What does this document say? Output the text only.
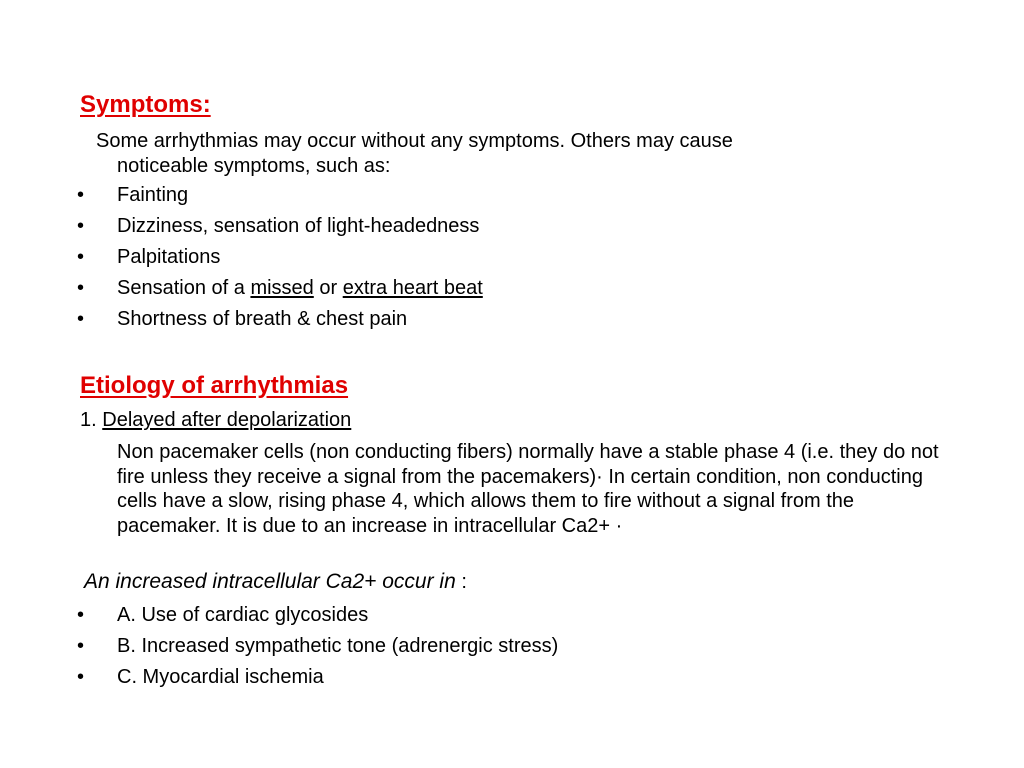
Symptoms:
Some arrhythmias may occur without any symptoms. Others may cause
noticeable symptoms, such as:
• Fainting
• Dizziness, sensation of light-headedness
• Palpitations
• Sensation of a missed or extra heart beat
• Shortness of breath & chest pain
Etiology of arrhythmias
1. Delayed after depolarization
Non pacemaker cells (non conducting fibers) normally have a stable phase 4 (i.e. they do not fire unless they receive a signal from the pacemakers)· In certain condition, non conducting cells have a slow, rising phase 4, which allows them to fire without a signal from the pacemaker. It is due to an increase in intracellular Ca2+ ·
An increased intracellular Ca2+ occur in :
• A. Use of cardiac glycosides
• B. Increased sympathetic tone (adrenergic stress)
• C. Myocardial ischemia
